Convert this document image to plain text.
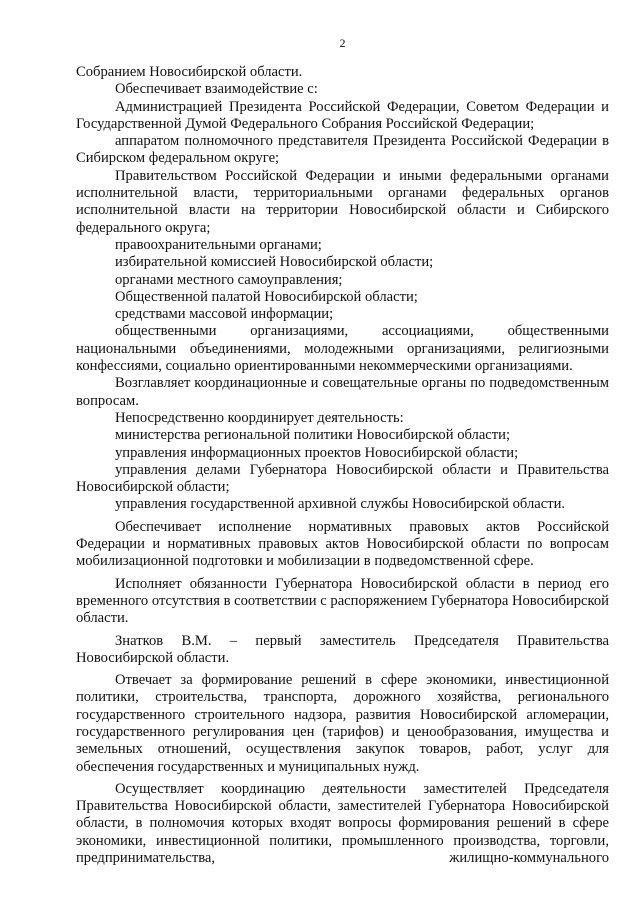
2

Собранием Новосибирской области.

Обеспечивает взаимодействие с:

Администрацией Президента Российской Федерации, Советом Федерации и Государственной Думой Федерального Собрания Российской Федерации;

аппаратом полномочного представителя Президента Российской Федерации в Сибирском федеральном округе;

Правительством Российской Федерации и иными федеральными органами исполнительной власти, территориальными органами федеральных органов исполнительной власти на территории Новосибирской области и Сибирского федерального округа;

правоохранительными органами;

избирательной комиссией Новосибирской области;

органами местного самоуправления;

Общественной палатой Новосибирской области;

средствами массовой информации;

общественными организациями, ассоциациями, общественными национальными объединениями, молодежными организациями, религиозными конфессиями, социально ориентированными некоммерческими организациями.

Возглавляет координационные и совещательные органы по подведомственным вопросам.

Непосредственно координирует деятельность:

министерства региональной политики Новосибирской области;

управления информационных проектов Новосибирской области;

управления делами Губернатора Новосибирской области и Правительства Новосибирской области;

управления государственной архивной службы Новосибирской области.

Обеспечивает исполнение нормативных правовых актов Российской Федерации и нормативных правовых актов Новосибирской области по вопросам мобилизационной подготовки и мобилизации в подведомственной сфере.

Исполняет обязанности Губернатора Новосибирской области в период его временного отсутствия в соответствии с распоряжением Губернатора Новосибирской области.

Знатков В.М. – первый заместитель Председателя Правительства Новосибирской области.

Отвечает за формирование решений в сфере экономики, инвестиционной политики, строительства, транспорта, дорожного хозяйства, регионального государственного строительного надзора, развития Новосибирской агломерации, государственного регулирования цен (тарифов) и ценообразования, имущества и земельных отношений, осуществления закупок товаров, работ, услуг для обеспечения государственных и муниципальных нужд.

Осуществляет координацию деятельности заместителей Председателя Правительства Новосибирской области, заместителей Губернатора Новосибирской области, в полномочия которых входят вопросы формирования решений в сфере экономики, инвестиционной политики, промышленного производства, торговли, предпринимательства, жилищно-коммунального
